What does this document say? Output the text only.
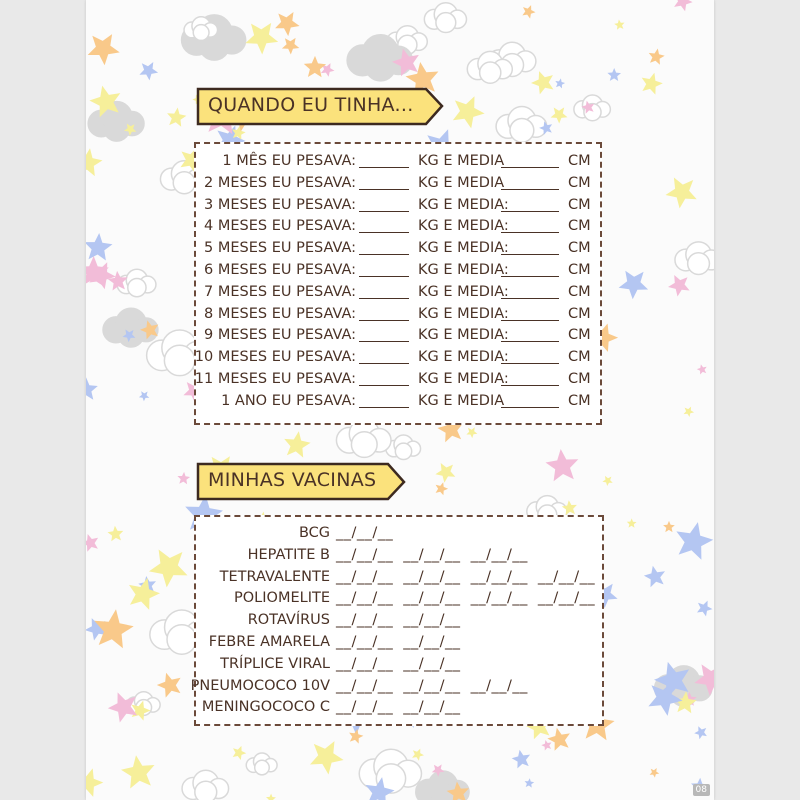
QUANDO EU TINHA...
1 MÊS EU PESAVA:	KG E MEDIA	CM
2 MESES EU PESAVA:	KG E MEDIA	CM
3 MESES EU PESAVA:	KG E MEDIA:	CM
4 MESES EU PESAVA:	KG E MEDIA:	CM
5 MESES EU PESAVA:	KG E MEDIA:	CM
6 MESES EU PESAVA:	KG E MEDIA:	CM
7 MESES EU PESAVA:	KG E MEDIA:	CM
8 MESES EU PESAVA:	KG E MEDIA:	CM
9 MESES EU PESAVA:	KG E MEDIA:	CM
10 MESES EU PESAVA:	KG E MEDIA:	CM
11 MESES EU PESAVA:	KG E MEDIA:	CM
1 ANO EU PESAVA:	KG E MEDIA	CM
MINHAS VACINAS
BCG __/__/__
HEPATITE B __/__/__ __/__/__ __/__/__
TETRAVALENTE __/__/__ __/__/__ __/__/__ __/__/__
POLIOMELITE __/__/__ __/__/__ __/__/__ __/__/__
ROTAVÍRUS __/__/__ __/__/__
FEBRE AMARELA __/__/__ __/__/__
TRÍPLICE VIRAL __/__/__ __/__/__
PNEUMOCOCO 10V __/__/__ __/__/__ __/__/__
MENINGOCOCO C __/__/__ __/__/__
08
